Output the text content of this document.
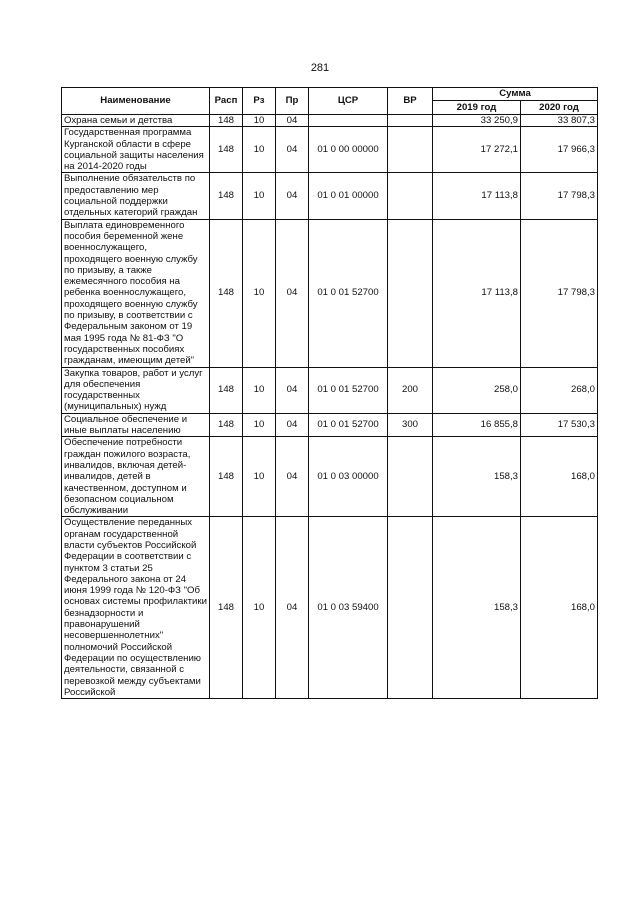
281
Наименование	Расп	Рз	Пр	ЦСР	ВР	Сумма	
						2019 год	2020 год
Охрана семьи и детства	148	10	04			33 250,9	33 807,3
Государственная программа Курганской области в сфере социальной защиты населения на 2014-2020 годы	148	10	04	01 0 00 00000		17 272,1	17 966,3
Выполнение обязательств по предоставлению мер социальной поддержки отдельных категорий граждан	148	10	04	01 0 01 00000		17 113,8	17 798,3
Выплата единовременного пособия беременной жене военнослужащего, проходящего военную службу по призыву, а также ежемесячного пособия на ребенка военнослужащего, проходящего военную службу по призыву, в соответствии с Федеральным законом от 19 мая 1995 года № 81-ФЗ "О государственных пособиях гражданам, имеющим детей"	148	10	04	01 0 01 52700		17 113,8	17 798,3
Закупка товаров, работ и услуг для обеспечения государственных (муниципальных) нужд	148	10	04	01 0 01 52700	200	258,0	268,0
Социальное обеспечение и иные выплаты населению	148	10	04	01 0 01 52700	300	16 855,8	17 530,3
Обеспечение потребности граждан пожилого возраста, инвалидов, включая детей-инвалидов, детей в качественном, доступном и безопасном социальном обслуживании	148	10	04	01 0 03 00000		158,3	168,0
Осуществление переданных органам государственной власти субъектов Российской Федерации в соответствии с пунктом 3 статьи 25 Федерального закона от 24 июня 1999 года № 120-ФЗ "Об основах системы профилактики безнадзорности и правонарушений несовершеннолетних" полномочий Российской Федерации по осуществлению деятельности, связанной с перевозкой между субъектами Российской	148	10	04	01 0 03 59400		158,3	168,0
